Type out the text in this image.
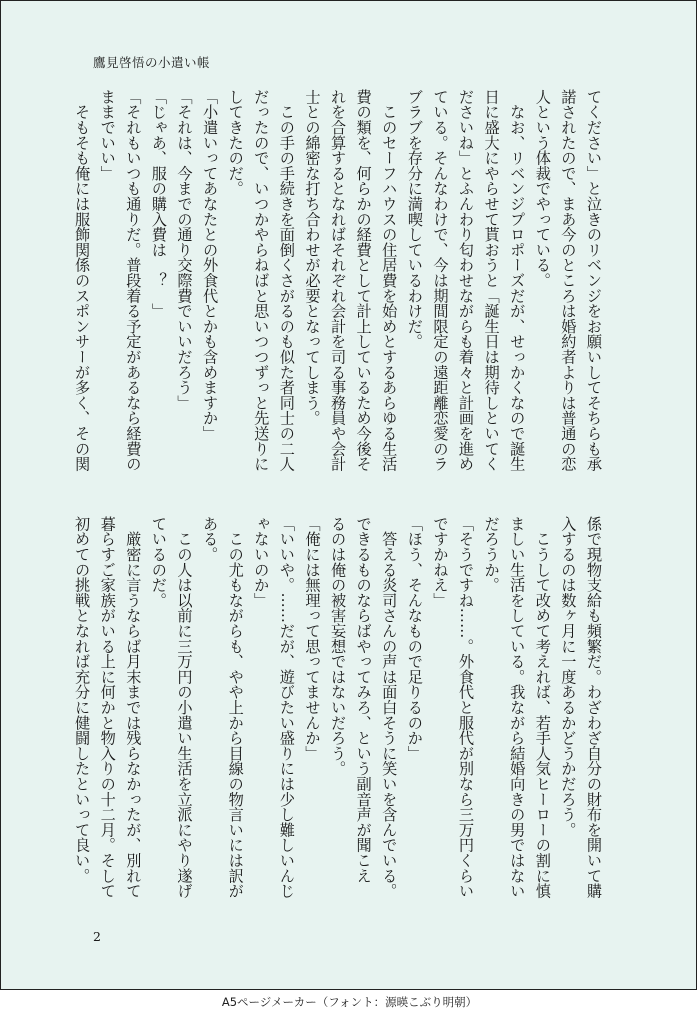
鷹見啓悟の小遣い帳

てください」と泣きのリベンジをお願いしてそちらも承

諾されたので、まあ今のところは婚約者よりは普通の恋

人という体裁でやっている。

　なお、リベンジプロポーズだが、せっかくなので誕生

日に盛大にやらせて貰おうと「誕生日は期待しといてく

ださいね」とふんわり匂わせながらも着々と計画を進め

ている。そんなわけで、今は期間限定の遠距離恋愛のラ

ブラブを存分に満喫しているわけだ。

　このセーフハウスの住居費を始めとするあらゆる生活

費の類を、何らかの経費として計上しているため今後そ

れを合算するとなればそれぞれ会計を司る事務員や会計

士との綿密な打ち合わせが必要となってしまう。

　この手の手続きを面倒くさがるのも似た者同士の二人

だったので、いつかやらねばと思いつつずっと先送りに

してきたのだ。

「小遣いってあなたとの外食代とかも含めますか」

「それは、今までの通り交際費でいいだろう」

「じゃあ、服の購入費は　？　」

「それもいつも通りだ。普段着る予定があるなら経費の

ままでいい」

　そもそも俺には服飾関係のスポンサーが多く、その関

係で現物支給も頻繁だ。わざわざ自分の財布を開いて購

入するのは数ヶ月に一度あるかどうかだろう。

　こうして改めて考えれば、若手人気ヒーローの割に慎

ましい生活をしている。我ながら結婚向きの男ではない

だろうか。

「そうですね……。外食代と服代が別なら三万円くらい

ですかねえ」

「ほう、そんなもので足りるのか」

　答える炎司さんの声は面白そうに笑いを含んでいる。

できるものならばやってみろ、という副音声が聞こえ

るのは俺の被害妄想ではないだろう。

「俺には無理って思ってませんか」

「いいや。……だが、遊びたい盛りには少し難しいんじ

ゃないのか」

　この尤もながらも、やや上から目線の物言いには訳が

ある。

　この人は以前に三万円の小遣い生活を立派にやり遂げ

ているのだ。

　厳密に言うならば月末までは残らなかったが、別れて

暮らすご家族がいる上に何かと物入りの十二月。そして

初めての挑戦となれば充分に健闘したといって良い。

2
A5ページメーカー（フォント：源暎こぶり明朝）
